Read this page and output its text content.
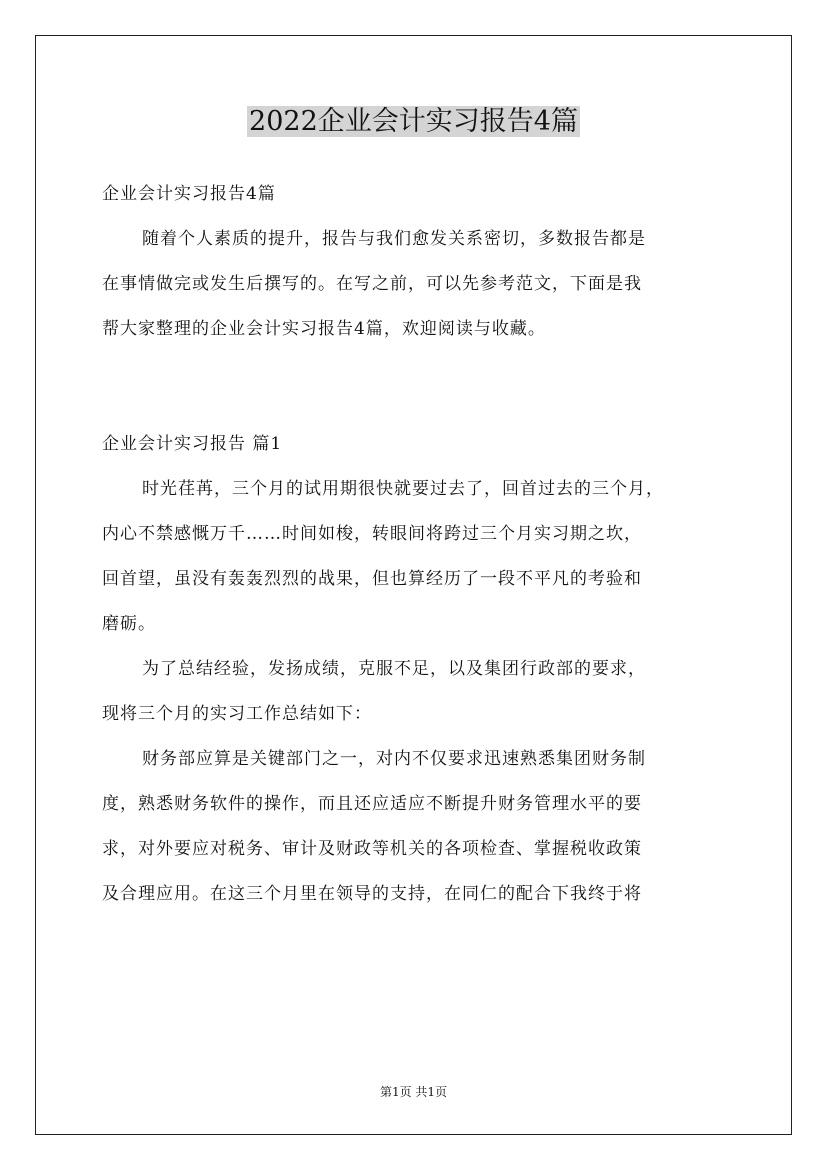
2022企业会计实习报告4篇
企业会计实习报告4篇
随着个人素质的提升，报告与我们愈发关系密切，多数报告都是
在事情做完或发生后撰写的。在写之前，可以先参考范文，下面是我
帮大家整理的企业会计实习报告4篇，欢迎阅读与收藏。
企业会计实习报告 篇1
时光荏苒，三个月的试用期很快就要过去了，回首过去的三个月，
内心不禁感慨万千……时间如梭，转眼间将跨过三个月实习期之坎，
回首望，虽没有轰轰烈烈的战果，但也算经历了一段不平凡的考验和
磨砺。
为了总结经验，发扬成绩，克服不足，以及集团行政部的要求，
现将三个月的实习工作总结如下：
财务部应算是关键部门之一，对内不仅要求迅速熟悉集团财务制
度，熟悉财务软件的操作，而且还应适应不断提升财务管理水平的要
求，对外要应对税务、审计及财政等机关的各项检查、掌握税收政策
及合理应用。在这三个月里在领导的支持，在同仁的配合下我终于将
第1页 共1页
